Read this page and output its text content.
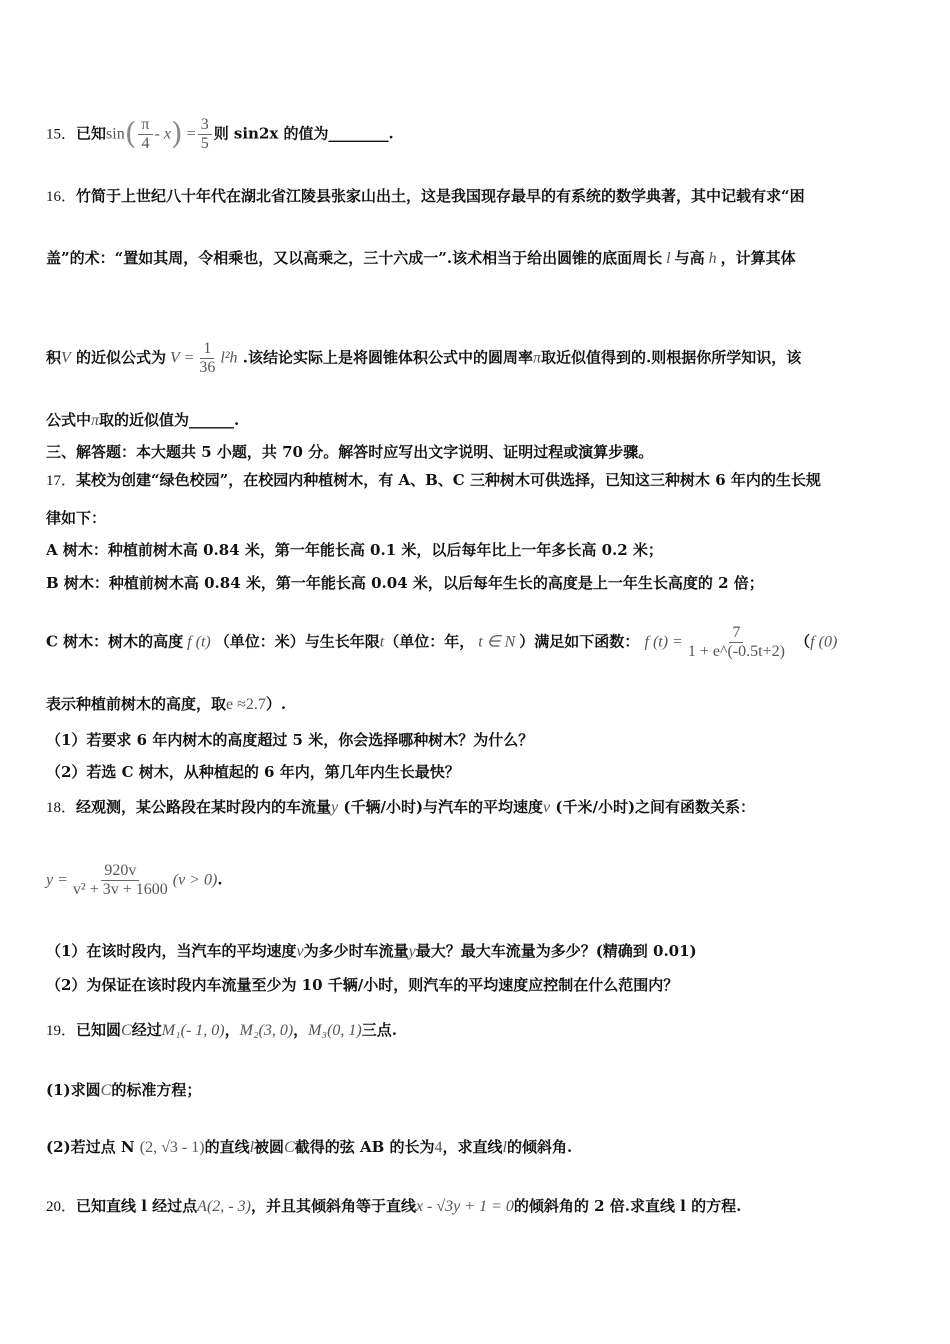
15．已知$\sin( \frac{\pi}{4} - x) = \frac{3}{5}$ 则 sin2x 的值为________.
16．竹简于上世纪八十年代在湖北省江陵县张家山出土，这是我国现存最早的有系统的数学典著，其中记载有求“困
盖”的术：“置如其周，令相乘也，又以高乘之，三十六成一”.该术相当于给出圆锥的底面周长 l 与高 h ，计算其体
积V 的近似公式为 $V = \frac{1}{36} l^2h$ .该结论实际上是将圆锥体积公式中的圆周率π取近似值得到的.则根据你所学知识，该
公式中π取的近似值为______.
三、解答题：本大题共 5 小题，共 70 分。解答时应写出文字说明、证明过程或演算步骤。
17．某校为创建“绿色校园”，在校园内种植树木，有 A、B、C 三种树木可供选择，已知这三种树木 6 年内的生长规
律如下：
A 树木：种植前树木高 0.84 米，第一年能长高 0.1 米，以后每年比上一年多长高 0.2 米；
B 树木：种植前树木高 0.84 米，第一年能长高 0.04 米，以后每年生长的高度是上一年生长高度的 2 倍；
C 树木：树木的高度 f (t) （单位：米）与生长年限t（单位：年， t ∈ N ）满足如下函数： f $(t) = \frac{7}{1 + e\^{}(-0.5t+2)} (f$ (0)
表示种植前树木的高度，取e ≈2.7）.
（1）若要求 6 年内树木的高度超过 5 米，你会选择哪种树木？为什么？
（2）若选 C 树木，从种植起的 6 年内，第几年内生长最快？
18．经观测，某公路段在某时段内的车流量y (千辆/小时)与汽车的平均速度v (千米/小时)之间有函数关系：
$y = \frac{920v}{\text{v² + 3v + 1600}} (v > 0)$.
（1）在该时段内，当汽车的平均速度v为多少时车流量y最大？最大车流量为多少？(精确到 0.01)
（2）为保证在该时段内车流量至少为 10 千辆/小时，则汽车的平均速度应控制在什么范围内？
19．已知圆C经过M₁(- 1, 0)，M₂(3, 0)，M₃(0, 1)三点.
(1)求圆C的标准方程；
(2)若过点 N (2, √3 - 1)的直线l被圆C截得的弦 AB 的长为4，求直线l的倾斜角.
20．已知直线 l 经过点A(2, - 3)，并且其倾斜角等于直线x - √3y + 1 = 0的倾斜角的 2 倍.求直线 l 的方程.
